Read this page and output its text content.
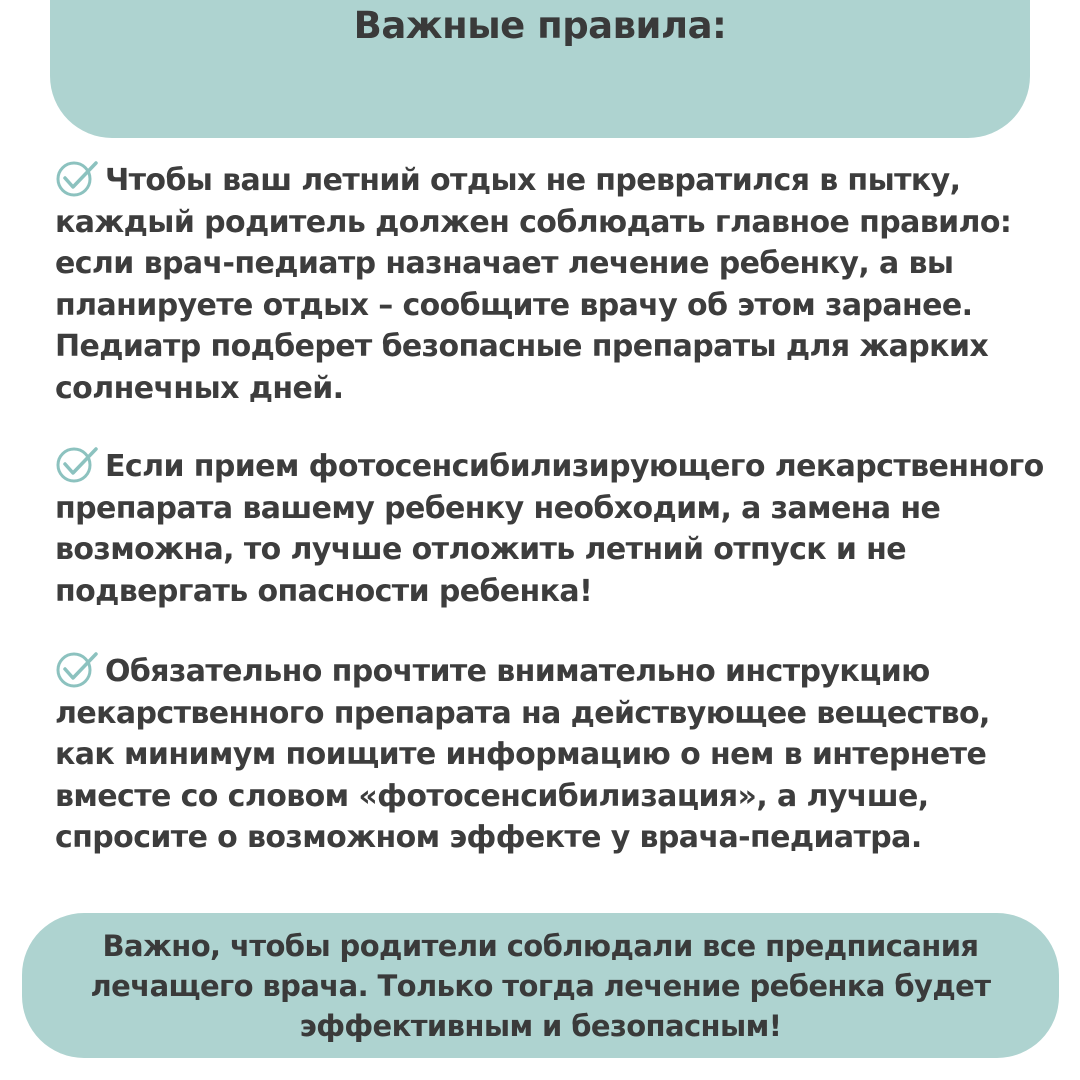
Важные правила:
Чтобы ваш летний отдых не превратился в пытку, каждый родитель должен соблюдать главное правило: если врач-педиатр назначает лечение ребенку, а вы планируете отдых – сообщите врачу об этом заранее. Педиатр подберет безопасные препараты для жарких солнечных дней.
Если прием фотосенсибилизирующего лекарственного препарата вашему ребенку необходим, а замена не возможна, то лучше отложить летний отпуск и не подвергать опасности ребенка!
Обязательно прочтите внимательно инструкцию лекарственного препарата на действующее вещество, как минимум поищите информацию о нем в интернете вместе со словом «фотосенсибилизация», а лучше, спросите о возможном эффекте у врача-педиатра.
Важно, чтобы родители соблюдали все предписания лечащего врача. Только тогда лечение ребенка будет эффективным и безопасным!
